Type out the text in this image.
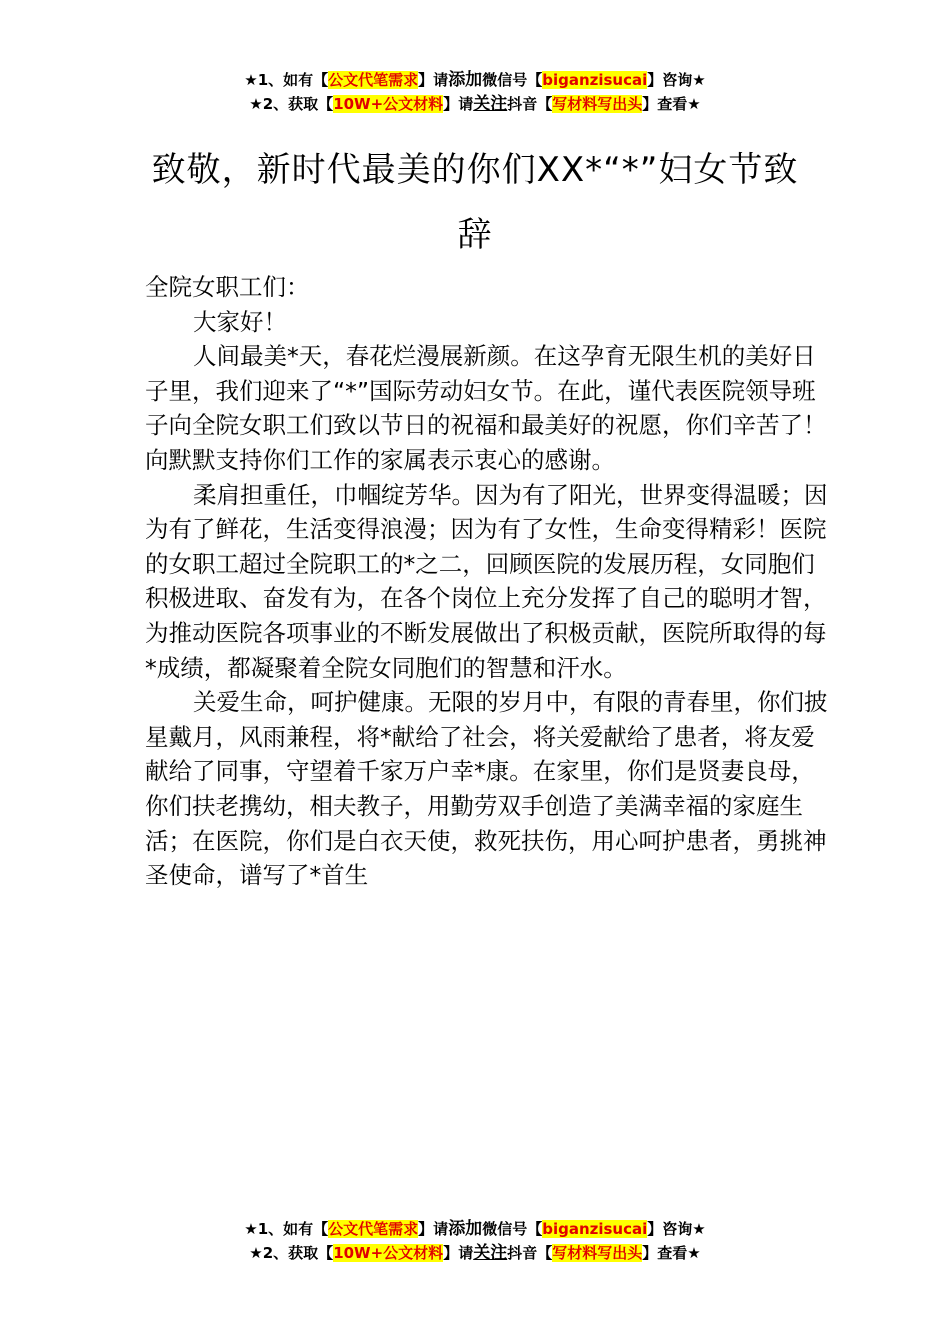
★1、如有【公文代笔需求】请添加微信号【biganzisucai】咨询★
★2、获取【10W+公文材料】请关注抖音【写材料写出头】查看★
致敬，新时代最美的你们XX*“*”妇女节致辞

全院女职工们：

大家好！

人间最美*天，春花烂漫展新颜。在这孕育无限生机的美好日子里，我们迎来了“*”国际劳动妇女节。在此，谨代表医院领导班子向全院女职工们致以节日的祝福和最美好的祝愿，你们辛苦了！向默默支持你们工作的家属表示衷心的感谢。

柔肩担重任，巾帼绽芳华。因为有了阳光，世界变得温暖；因为有了鲜花，生活变得浪漫；因为有了女性，生命变得精彩！医院的女职工超过全院职工的*之二，回顾医院的发展历程，女同胞们积极进取、奋发有为，在各个岗位上充分发挥了自己的聪明才智，为推动医院各项事业的不断发展做出了积极贡献，医院所取得的每*成绩，都凝聚着全院女同胞们的智慧和汗水。

关爱生命，呵护健康。无限的岁月中，有限的青春里，你们披星戴月，风雨兼程，将*献给了社会，将关爱献给了患者，将友爱献给了同事，守望着千家万户幸*康。在家里，你们是贤妻良母，你们扶老携幼，相夫教子，用勤劳双手创造了美满幸福的家庭生活；在医院，你们是白衣天使，救死扶伤，用心呵护患者，勇挑神圣使命，谱写了*首生

★1、如有【公文代笔需求】请添加微信号【biganzisucai】咨询★
★2、获取【10W+公文材料】请关注抖音【写材料写出头】查看★
